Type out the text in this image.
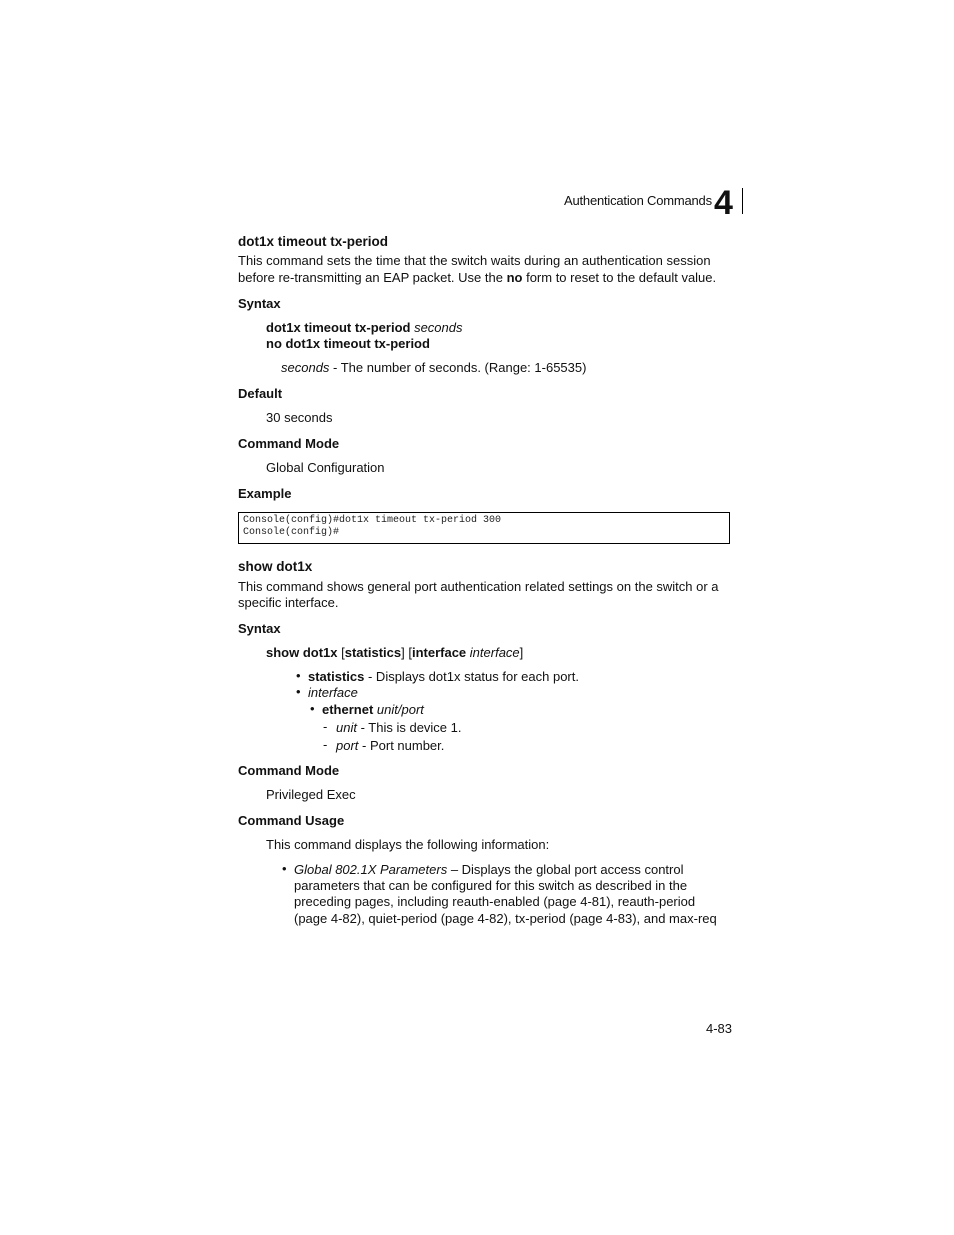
Authentication Commands 4
dot1x timeout tx-period
This command sets the time that the switch waits during an authentication session
before re-transmitting an EAP packet. Use the no form to reset to the default value.
Syntax
dot1x timeout tx-period seconds
no dot1x timeout tx-period
seconds - The number of seconds. (Range: 1-65535)
Default
30 seconds
Command Mode
Global Configuration
Example
Console(config)#dot1x timeout tx-period 300
Console(config)#
show dot1x
This command shows general port authentication related settings on the switch or a
specific interface.
Syntax
show dot1x [statistics] [interface interface]
• statistics - Displays dot1x status for each port.
• interface
• ethernet unit/port
- unit - This is device 1.
- port - Port number.
Command Mode
Privileged Exec
Command Usage
This command displays the following information:
• Global 802.1X Parameters – Displays the global port access control
parameters that can be configured for this switch as described in the
preceding pages, including reauth-enabled (page 4-81), reauth-period
(page 4-82), quiet-period (page 4-82), tx-period (page 4-83), and max-req
4-83
